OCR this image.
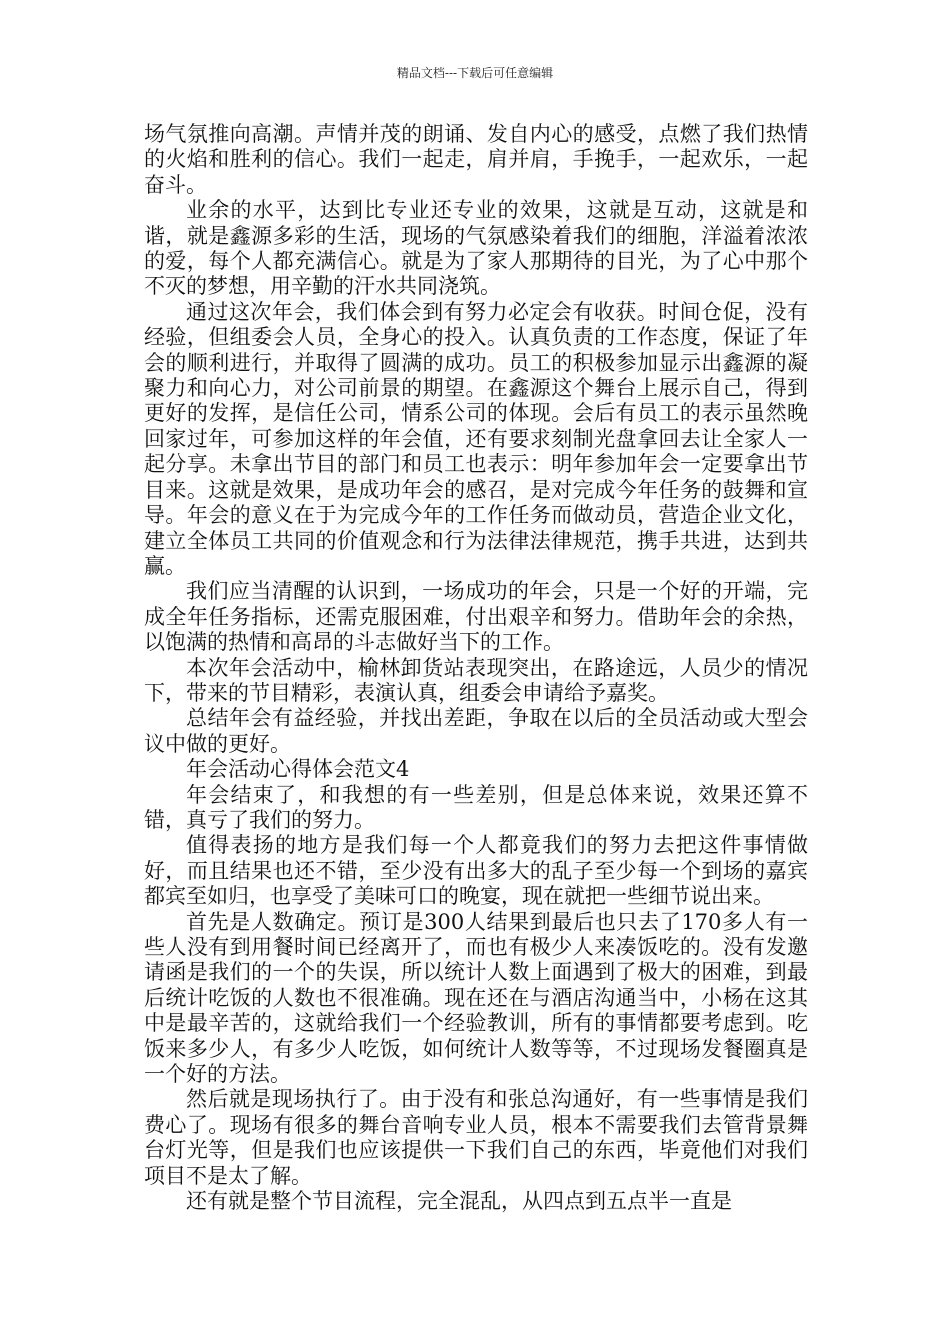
精品文档---下载后可任意编辑

场气氛推向高潮。声情并茂的朗诵、发自内心的感受，点燃了我们热情的火焰和胜利的信心。我们一起走，肩并肩，手挽手，一起欢乐，一起奋斗。

业余的水平，达到比专业还专业的效果，这就是互动，这就是和谐，就是鑫源多彩的生活，现场的气氛感染着我们的细胞，洋溢着浓浓的爱，每个人都充满信心。就是为了家人那期待的目光，为了心中那个不灭的梦想，用辛勤的汗水共同浇筑。

通过这次年会，我们体会到有努力必定会有收获。时间仓促，没有经验，但组委会人员，全身心的投入。认真负责的工作态度，保证了年会的顺利进行，并取得了圆满的成功。员工的积极参加显示出鑫源的凝聚力和向心力，对公司前景的期望。在鑫源这个舞台上展示自己，得到更好的发挥，是信任公司，情系公司的体现。会后有员工的表示虽然晚回家过年，可参加这样的年会值，还有要求刻制光盘拿回去让全家人一起分享。未拿出节目的部门和员工也表示：明年参加年会一定要拿出节目来。这就是效果，是成功年会的感召，是对完成今年任务的鼓舞和宣导。年会的意义在于为完成今年的工作任务而做动员，营造企业文化，建立全体员工共同的价值观念和行为法律法律规范，携手共进，达到共赢。

我们应当清醒的认识到，一场成功的年会，只是一个好的开端，完成全年任务指标，还需克服困难，付出艰辛和努力。借助年会的余热，以饱满的热情和高昂的斗志做好当下的工作。

本次年会活动中，榆林卸货站表现突出，在路途远，人员少的情况下，带来的节目精彩，表演认真，组委会申请给予嘉奖。

总结年会有益经验，并找出差距，争取在以后的全员活动或大型会议中做的更好。

年会活动心得体会范文4

年会结束了，和我想的有一些差别，但是总体来说，效果还算不错，真亏了我们的努力。

值得表扬的地方是我们每一个人都竟我们的努力去把这件事情做好，而且结果也还不错，至少没有出多大的乱子至少每一个到场的嘉宾都宾至如归，也享受了美味可口的晚宴，现在就把一些细节说出来。

首先是人数确定。预订是300人结果到最后也只去了170多人有一些人没有到用餐时间已经离开了，而也有极少人来凑饭吃的。没有发邀请函是我们的一个的失误，所以统计人数上面遇到了极大的困难，到最后统计吃饭的人数也不很准确。现在还在与酒店沟通当中，小杨在这其中是最辛苦的，这就给我们一个经验教训，所有的事情都要考虑到。吃饭来多少人，有多少人吃饭，如何统计人数等等，不过现场发餐圈真是一个好的方法。

然后就是现场执行了。由于没有和张总沟通好，有一些事情是我们费心了。现场有很多的舞台音响专业人员，根本不需要我们去管背景舞台灯光等，但是我们也应该提供一下我们自己的东西，毕竟他们对我们项目不是太了解。

还有就是整个节目流程，完全混乱，从四点到五点半一直是
